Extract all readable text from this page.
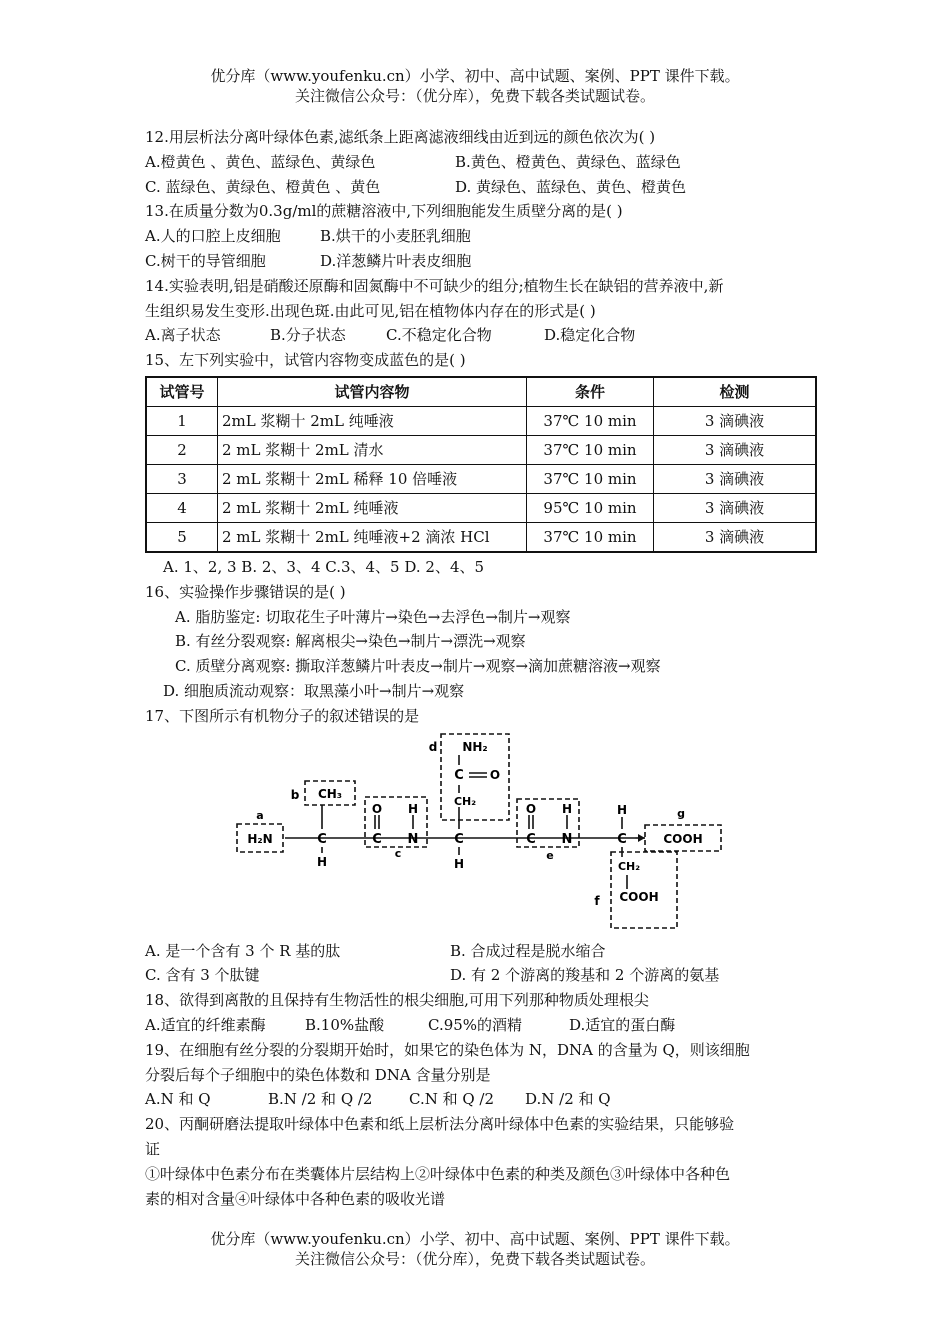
优分库（www.youfenku.cn）小学、初中、高中试题、案例、PPT 课件下载。
关注微信公众号：（优分库），免费下载各类试题试卷。
12.用层析法分离叶绿体色素,滤纸条上距离滤液细线由近到远的颜色依次为( )
A.橙黄色 、黄色、蓝绿色、黄绿色	B.黄色、橙黄色、黄绿色、蓝绿色
C. 蓝绿色、黄绿色、橙黄色 、黄色	D. 黄绿色、蓝绿色、黄色、橙黄色
13.在质量分数为0.3g/ml的蔗糖溶液中,下列细胞能发生质壁分离的是( )
A.人的口腔上皮细胞	B.烘干的小麦胚乳细胞
C.树干的导管细胞	D.洋葱鳞片叶表皮细胞
14.实验表明,铝是硝酸还原酶和固氮酶中不可缺少的组分;植物生长在缺铝的营养液中,新
生组织易发生变形.出现色斑.由此可见,铝在植物体内存在的形式是( )
A.离子状态	B.分子状态	C.不稳定化合物	D.稳定化合物
15、左下列实验中，试管内容物变成蓝色的是( )
试管号	试管内容物	条件	检测
1	2mL 浆糊十 2mL 纯唾液	37℃ 10 min	3 滴碘液
2	2 mL 浆糊十 2mL 清水	37℃ 10 min	3 滴碘液
3	2 mL 浆糊十 2mL 稀释 10 倍唾液	37℃ 10 min	3 滴碘液
4	2 mL 浆糊十 2mL 纯唾液	95℃ 10 min	3 滴碘液
5	2 mL 浆糊十 2mL 纯唾液+2 滴浓 HCl	37℃ 10 min	3 滴碘液
A. 1、2, 3 B. 2、3、4 C.3、4、5 D. 2、4、5
16、实验操作步骤错误的是( )
A. 脂肪鉴定: 切取花生子叶薄片→染色→去浮色→制片→观察
B. 有丝分裂观察: 解离根尖→染色→制片→漂洗→观察
C. 质壁分离观察: 撕取洋葱鳞片叶表皮→制片→观察→滴加蔗糖溶液→观察
D. 细胞质流动观察：取黑藻小叶→制片→观察
17、下图所示有机物分子的叙述错误的是
a
b
c
d
e
f
g
H₂N
CH₃
C
H
O
C
H
N
NH₂
C O
CH₂
C
H
O
C
H
N
H
C
CH₂
COOH
COOH
A. 是一个含有 3 个 R 基的肽	B. 合成过程是脱水缩合
C. 含有 3 个肽键	D. 有 2 个游离的羧基和 2 个游离的氨基
18、欲得到离散的且保持有生物活性的根尖细胞,可用下列那种物质处理根尖
A.适宜的纤维素酶	B.10%盐酸	C.95%的酒精	D.适宜的蛋白酶
19、在细胞有丝分裂的分裂期开始时，如果它的染色体为 N，DNA 的含量为 Q，则该细胞
分裂后每个子细胞中的染色体数和 DNA 含量分别是
A.N 和 Q	B.N /2 和 Q /2	C.N 和 Q /2	D.N /2 和 Q
20、丙酮研磨法提取叶绿体中色素和纸上层析法分离叶绿体中色素的实验结果，只能够验
证
①叶绿体中色素分布在类囊体片层结构上②叶绿体中色素的种类及颜色③叶绿体中各种色
素的相对含量④叶绿体中各种色素的吸收光谱
优分库（www.youfenku.cn）小学、初中、高中试题、案例、PPT 课件下载。
关注微信公众号：（优分库），免费下载各类试题试卷。
